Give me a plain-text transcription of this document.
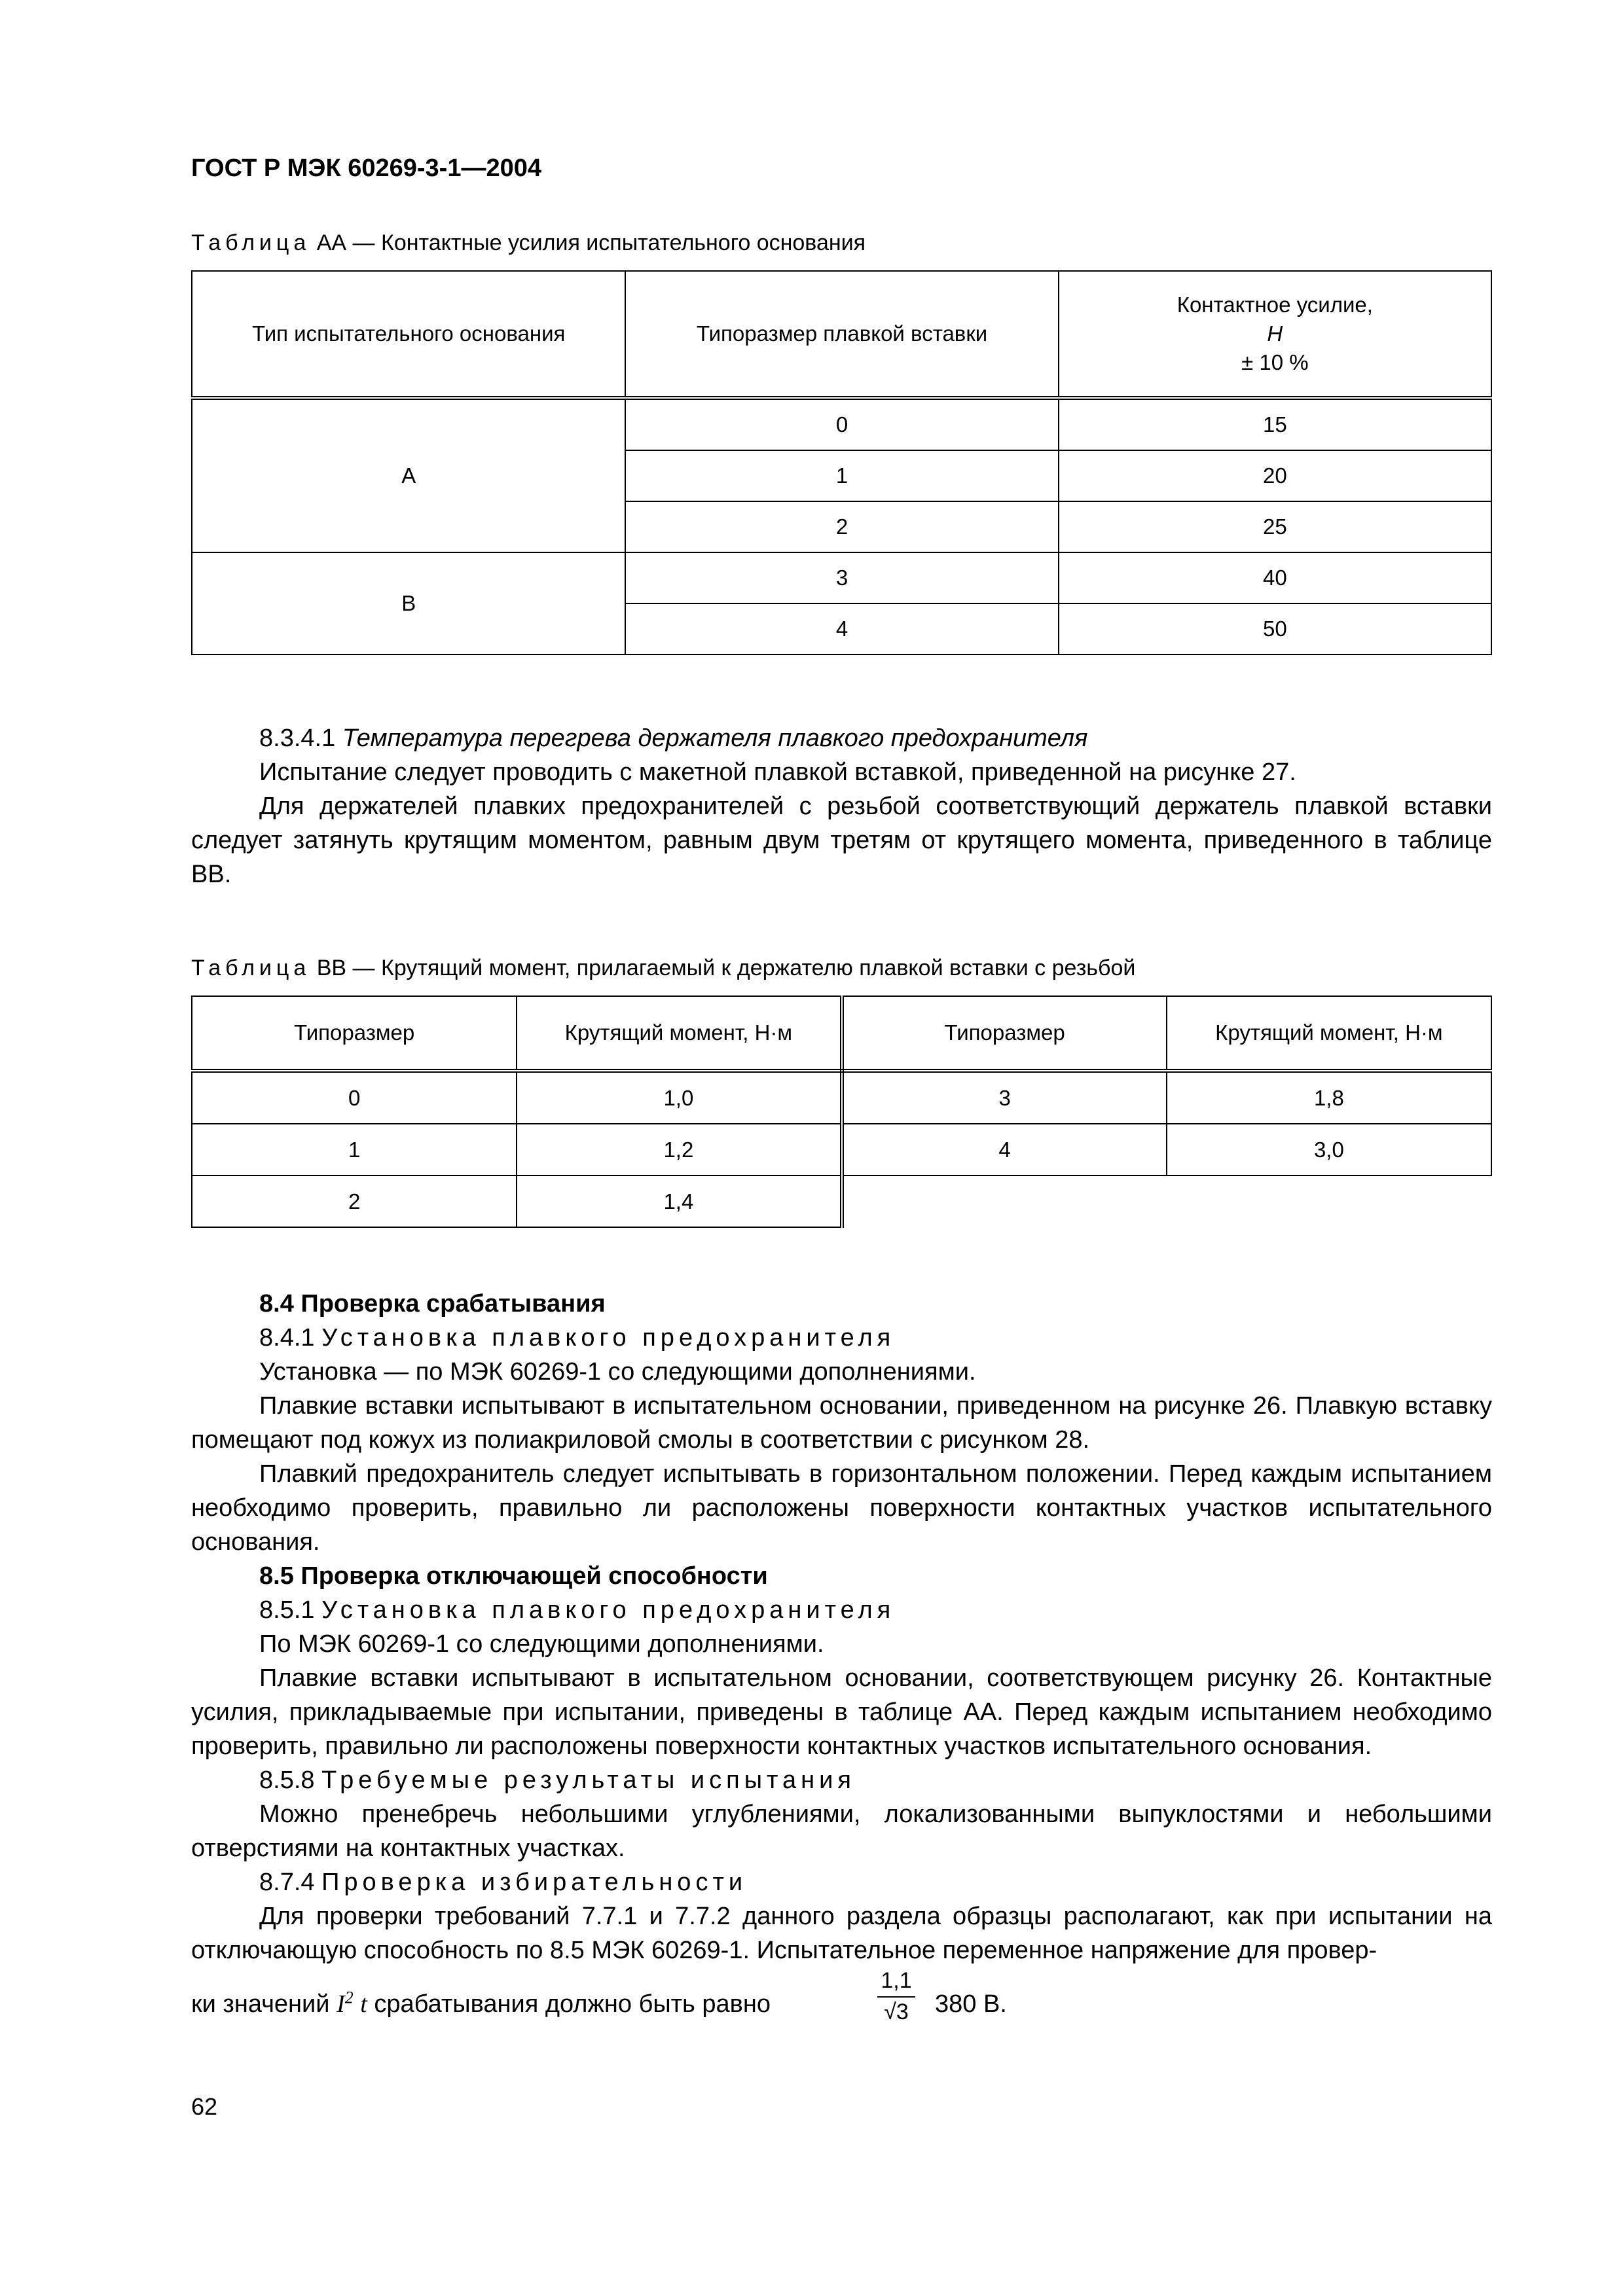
ГОСТ Р МЭК 60269-3-1—2004
Таблица АА — Контактные усилия испытательного основания
Тип испытательного основания	Типоразмер плавкой вставки	Контактное усилие,
Н
± 10 %

А	0	15
	1	20
	2	25
В	3	40
	4	50

8.3.4.1 Температура перегрева держателя плавкого предохранителя

Испытание следует проводить с макетной плавкой вставкой, приведенной на рисунке 27.

Для держателей плавких предохранителей с резьбой соответствующий держатель плавкой вставки следует затянуть крутящим моментом, равным двум третям от крутящего момента, приведенного в таблице ВВ.

Таблица ВВ — Крутящий момент, прилагаемый к держателю плавкой вставки с резьбой
Типоразмер	Крутящий момент, Н·м	Типоразмер	Крутящий момент, Н·м
0	1,0	3	1,8
1	1,2	4	3,0
2	1,4		

8.4 Проверка срабатывания

8.4.1 Установка плавкого предохранителя

Установка — по МЭК 60269-1 со следующими дополнениями.

Плавкие вставки испытывают в испытательном основании, приведенном на рисунке 26. Плавкую вставку помещают под кожух из полиакриловой смолы в соответствии с рисунком 28.

Плавкий предохранитель следует испытывать в горизонтальном положении. Перед каждым испытанием необходимо проверить, правильно ли расположены поверхности контактных участков испытательного основания.

8.5 Проверка отключающей способности

8.5.1 Установка плавкого предохранителя

По МЭК 60269-1 со следующими дополнениями.

Плавкие вставки испытывают в испытательном основании, соответствующем рисунку 26. Контактные усилия, прикладываемые при испытании, приведены в таблице АА. Перед каждым испытанием необходимо проверить, правильно ли расположены поверхности контактных участков испытательного основания.

8.5.8 Требуемые результаты испытания

Можно пренебречь небольшими углублениями, локализованными выпуклостями и небольшими отверстиями на контактных участках.

8.7.4 Проверка избирательности

Для проверки требований 7.7.1 и 7.7.2 данного раздела образцы располагают, как при испытании на отключающую способность по 8.5 МЭК 60269-1. Испытательное переменное напряжение для провер-

ки значений $I^2$ t срабатывания должно быть равно	$\frac{1,1}{√3} 380$ В.
62
